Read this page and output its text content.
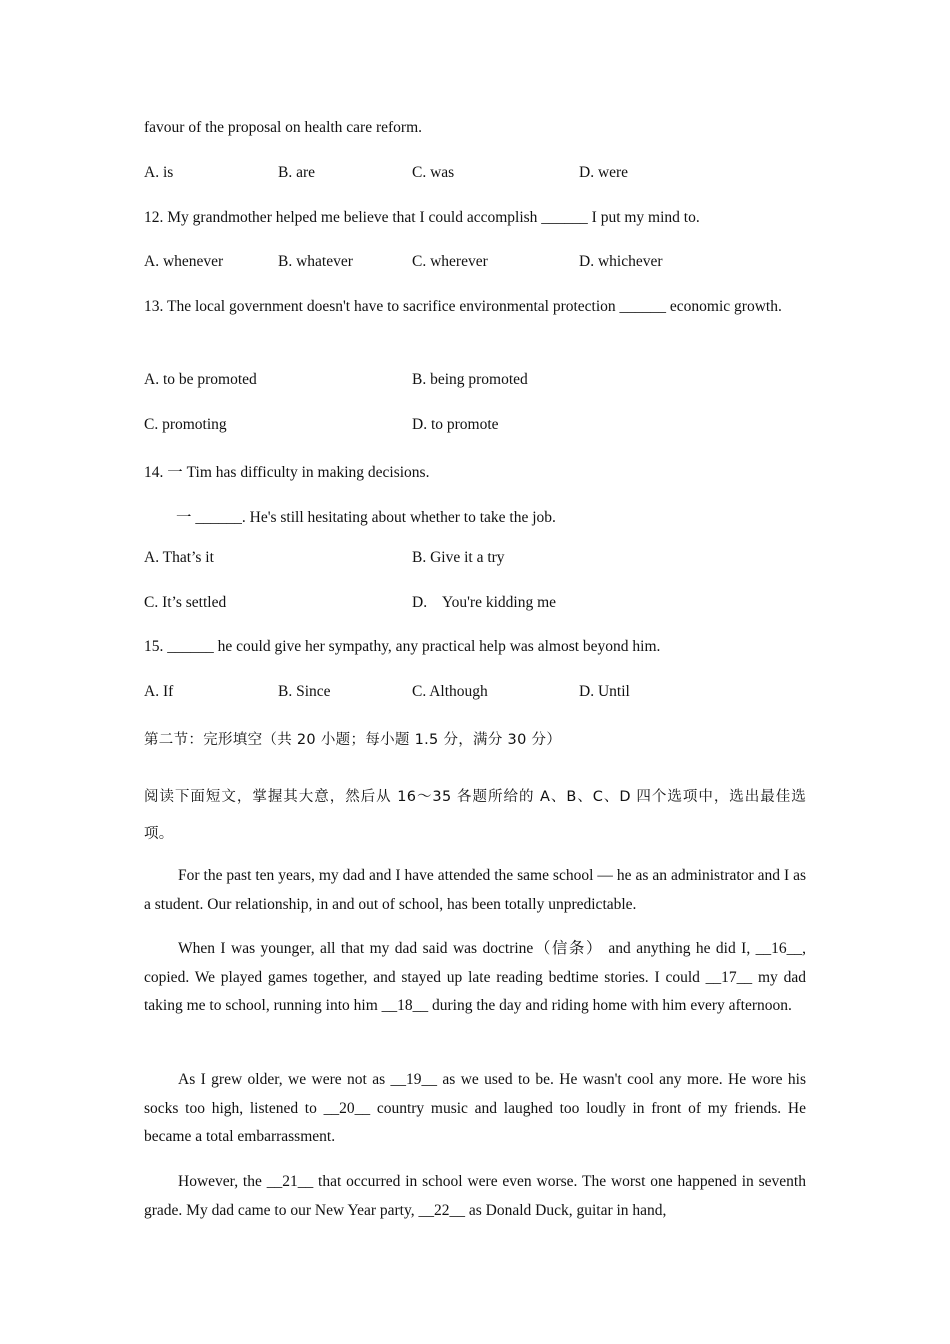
favour of the proposal on health care reform.
A. is	B. are	C. was	D. were
12. My grandmother helped me believe that I could accomplish ______ I put my mind to.
A. whenever	B. whatever	C. wherever	D. whichever
13. The local government doesn't have to sacrifice environmental protection ______ economic growth.
A. to be promoted	B. being promoted
C. promoting	D. to promote
14. 一 Tim has difficulty in making decisions.
一 ______. He's still hesitating about whether to take the job.
A. That’s it	B. Give it a try
C. It’s settled	D.    You're kidding me
15. ______ he could give her sympathy, any practical help was almost beyond him.
A. If	B. Since	C. Although	D. Until
第二节：完形填空（共 20 小题；每小题 1.5 分，满分 30 分）
阅读下面短文，掌握其大意，然后从 16～35 各题所给的 A、B、C、D 四个选项中，选出最佳选项。
For the past ten years, my dad and I have attended the same school — he as an administrator and I as a student. Our relationship, in and out of school, has been totally unpredictable.
When I was younger, all that my dad said was doctrine（信条） and anything he did I, __16__, copied. We played games together, and stayed up late reading bedtime stories. I could __17__ my dad taking me to school, running into him __18__ during the day and riding home with him every afternoon.
As I grew older, we were not as __19__ as we used to be. He wasn't cool any more. He wore his socks too high, listened to __20__ country music and laughed too loudly in front of my friends. He became a total embarrassment.
However, the __21__ that occurred in school were even worse. The worst one happened in seventh grade. My dad came to our New Year party, __22__ as Donald Duck, guitar in hand,
